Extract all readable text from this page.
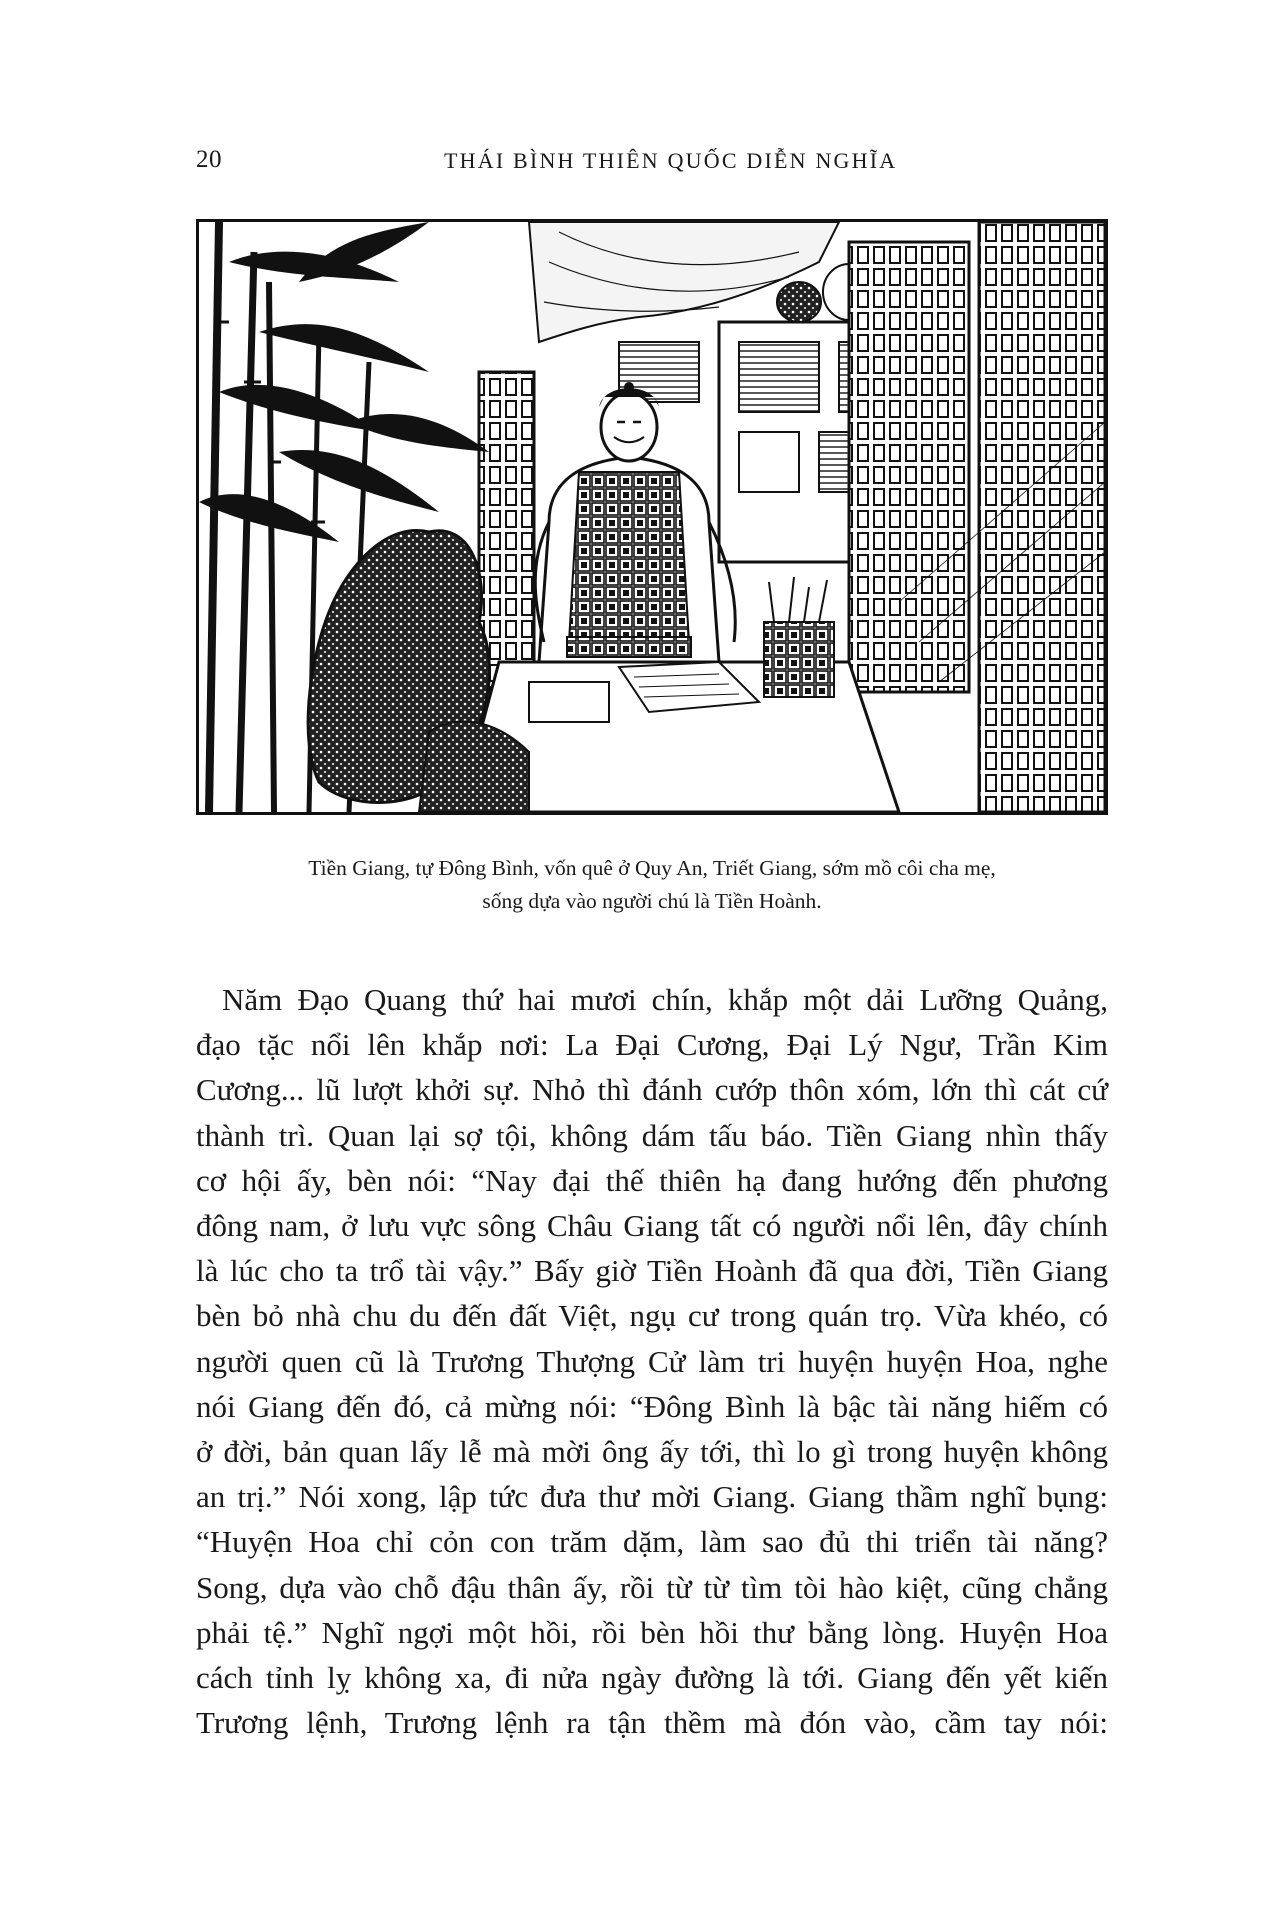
20	THÁI BÌNH THIÊN QUỐC DIỄN NGHĨA
Tiền Giang, tự Đông Bình, vốn quê ở Quy An, Triết Giang, sớm mồ côi cha mẹ,
sống dựa vào người chú là Tiền Hoành.
Năm Đạo Quang thứ hai mươi chín, khắp một dải Lưỡng Quảng,
đạo tặc nổi lên khắp nơi: La Đại Cương, Đại Lý Ngư, Trần Kim
Cương... lũ lượt khởi sự. Nhỏ thì đánh cướp thôn xóm, lớn thì cát cứ
thành trì. Quan lại sợ tội, không dám tấu báo. Tiền Giang nhìn thấy
cơ hội ấy, bèn nói: “Nay đại thế thiên hạ đang hướng đến phương
đông nam, ở lưu vực sông Châu Giang tất có người nổi lên, đây chính
là lúc cho ta trổ tài vậy.” Bấy giờ Tiền Hoành đã qua đời, Tiền Giang
bèn bỏ nhà chu du đến đất Việt, ngụ cư trong quán trọ. Vừa khéo, có
người quen cũ là Trương Thượng Cử làm tri huyện huyện Hoa, nghe
nói Giang đến đó, cả mừng nói: “Đông Bình là bậc tài năng hiếm có
ở đời, bản quan lấy lễ mà mời ông ấy tới, thì lo gì trong huyện không
an trị.” Nói xong, lập tức đưa thư mời Giang. Giang thầm nghĩ bụng:
“Huyện Hoa chỉ cỏn con trăm dặm, làm sao đủ thi triển tài năng?
Song, dựa vào chỗ đậu thân ấy, rồi từ từ tìm tòi hào kiệt, cũng chẳng
phải tệ.” Nghĩ ngợi một hồi, rồi bèn hồi thư bằng lòng. Huyện Hoa
cách tỉnh lỵ không xa, đi nửa ngày đường là tới. Giang đến yết kiến
Trương lệnh, Trương lệnh ra tận thềm mà đón vào, cầm tay nói:
